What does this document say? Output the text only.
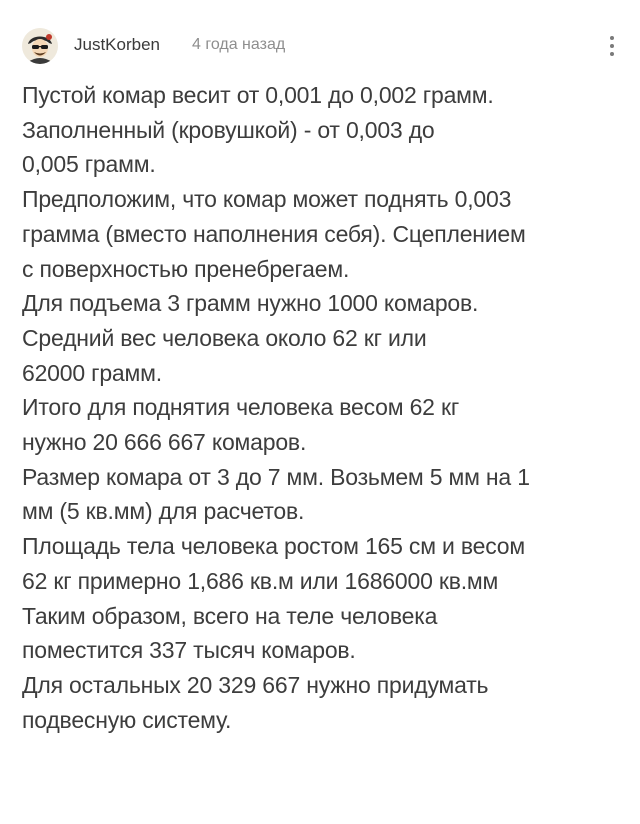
JustKorben 4 года назад
Пустой комар весит от 0,001 до 0,002 грамм.
Заполненный (кровушкой) - от 0,003 до
0,005 грамм.
Предположим, что комар может поднять 0,003
грамма (вместо наполнения себя). Сцеплением
с поверхностью пренебрегаем.
Для подъема 3 грамм нужно 1000 комаров.
Средний вес человека около 62 кг или
62000 грамм.
Итого для поднятия человека весом 62 кг
нужно 20 666 667 комаров.
Размер комара от 3 до 7 мм. Возьмем 5 мм на 1
мм (5 кв.мм) для расчетов.
Площадь тела человека ростом 165 см и весом
62 кг примерно 1,686 кв.м или 1686000 кв.мм
Таким образом, всего на теле человека
поместится 337 тысяч комаров.
Для остальных 20 329 667 нужно придумать
подвесную систему.
